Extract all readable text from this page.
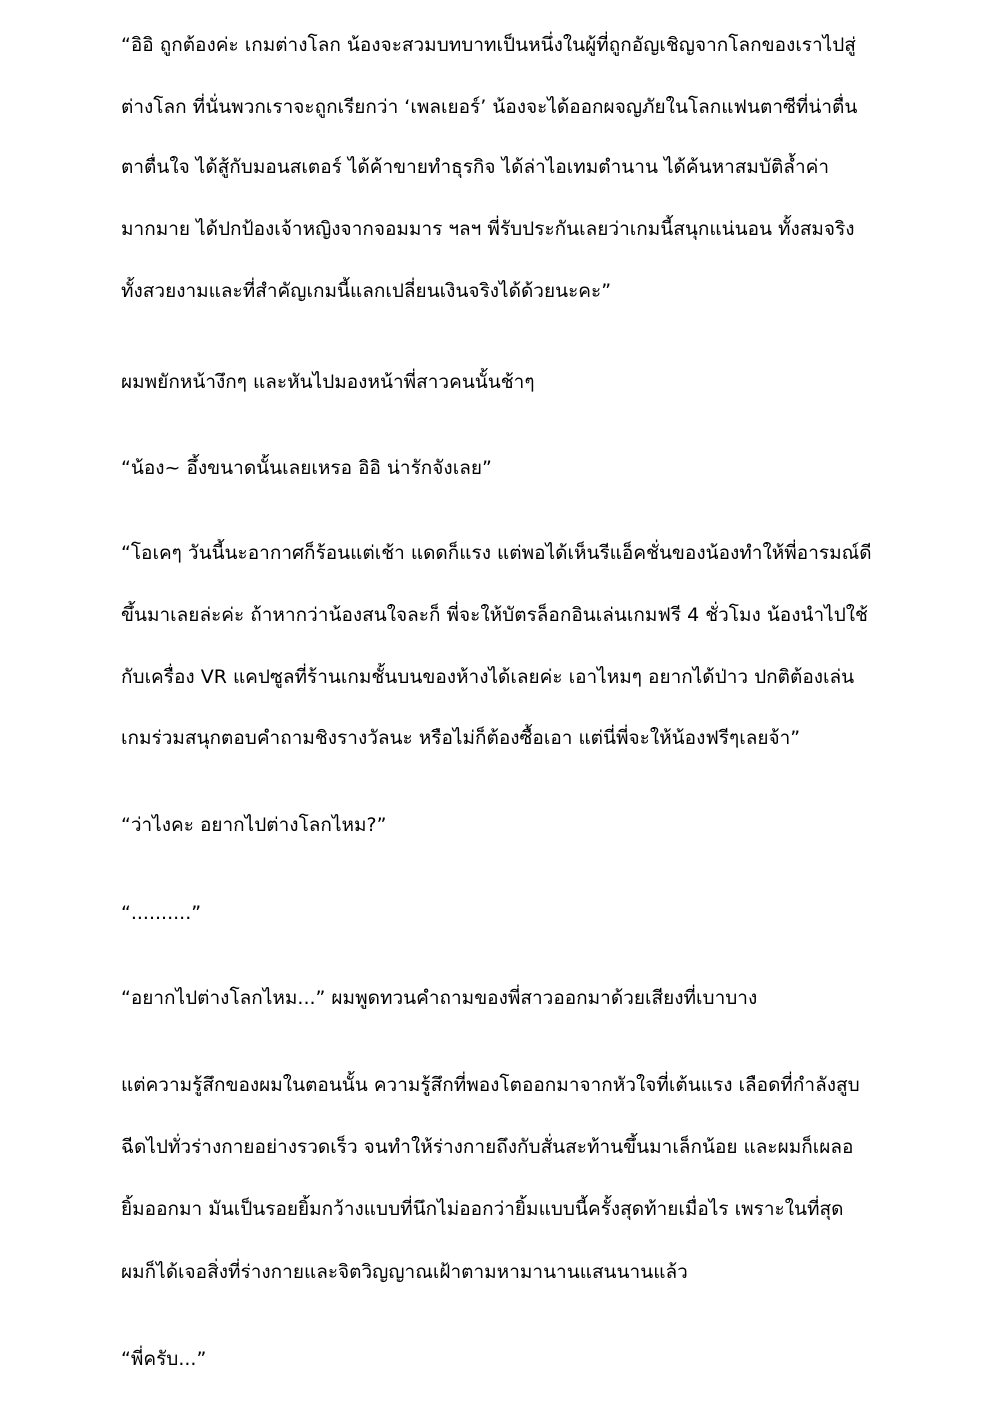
“อิอิ ถูกต้องค่ะ เกมต่างโลก น้องจะสวมบทบาทเป็นหนึ่งในผู้ที่ถูกอัญเชิญจากโลกของเราไปสู่
ต่างโลก ที่นั่นพวกเราจะถูกเรียกว่า ‘เพลเยอร์’ น้องจะได้ออกผจญภัยในโลกแฟนตาซีที่น่าตื่น
ตาตื่นใจ ได้สู้กับมอนสเตอร์ ได้ค้าขายทำธุรกิจ ได้ล่าไอเทมตำนาน ได้ค้นหาสมบัติล้ำค่า
มากมาย ได้ปกป้องเจ้าหญิงจากจอมมาร ฯลฯ พี่รับประกันเลยว่าเกมนี้สนุกแน่นอน ทั้งสมจริง
ทั้งสวยงามและที่สำคัญเกมนี้แลกเปลี่ยนเงินจริงได้ด้วยนะคะ”
ผมพยักหน้างึกๆ และหันไปมองหน้าพี่สาวคนนั้นช้าๆ
“น้อง~ อึ้งขนาดนั้นเลยเหรอ อิอิ น่ารักจังเลย”
“โอเคๆ วันนี้นะอากาศก็ร้อนแต่เช้า แดดก็แรง แต่พอได้เห็นรีแอ็คชั่นของน้องทำให้พี่อารมณ์ดี
ขึ้นมาเลยล่ะค่ะ ถ้าหากว่าน้องสนใจละก็ พี่จะให้บัตรล็อกอินเล่นเกมฟรี 4 ชั่วโมง น้องนำไปใช้
กับเครื่อง VR แคปซูลที่ร้านเกมชั้นบนของห้างได้เลยค่ะ เอาไหมๆ อยากได้ป่าว ปกติต้องเล่น
เกมร่วมสนุกตอบคำถามชิงรางวัลนะ หรือไม่ก็ต้องซื้อเอา แต่นี่พี่จะให้น้องฟรีๆเลยจ้า”
“ว่าไงคะ อยากไปต่างโลกไหม?”
“..........”
“อยากไปต่างโลกไหม...” ผมพูดทวนคำถามของพี่สาวออกมาด้วยเสียงที่เบาบาง
แต่ความรู้สึกของผมในตอนนั้น ความรู้สึกที่พองโตออกมาจากหัวใจที่เต้นแรง เลือดที่กำลังสูบ
ฉีดไปทั่วร่างกายอย่างรวดเร็ว จนทำให้ร่างกายถึงกับสั่นสะท้านขึ้นมาเล็กน้อย และผมก็เผลอ
ยิ้มออกมา มันเป็นรอยยิ้มกว้างแบบที่นึกไม่ออกว่ายิ้มแบบนี้ครั้งสุดท้ายเมื่อไร เพราะในที่สุด
ผมก็ได้เจอสิ่งที่ร่างกายและจิตวิญญาณเฝ้าตามหามานานแสนนานแล้ว
“พี่ครับ...”
